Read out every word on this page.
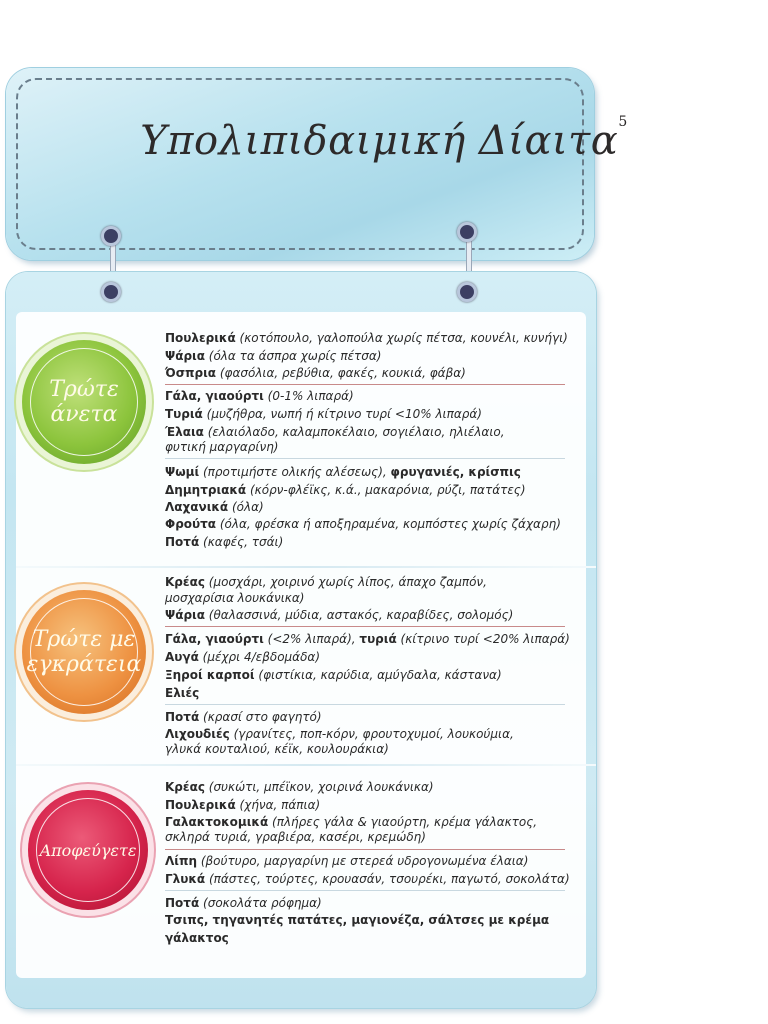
Υπολιπιδαιμική Δίαιτα$^5$
Τρώτε
άνετα
Τρώτε με
εγκράτεια
Αποφεύγετε
Πουλερικά (κοτόπουλο, γαλοπούλα χωρίς πέτσα, κουνέλι, κυνήγι)
Ψάρια (όλα τα άσπρα χωρίς πέτσα)
Όσπρια (φασόλια, ρεβύθια, φακές, κουκιά, φάβα)
Γάλα, γιαούρτι (0-1% λιπαρά)
Τυριά (μυζήθρα, νωπή ή κίτρινο τυρί <10% λιπαρά)
Έλαια (ελαιόλαδο, καλαμποκέλαιο, σογιέλαιο, ηλιέλαιο,
φυτική μαργαρίνη)
Ψωμί (προτιμήστε ολικής αλέσεως), φρυγανιές, κρίσπις
Δημητριακά (κόρν-φλέϊκς, κ.ά., μακαρόνια, ρύζι, πατάτες)
Λαχανικά (όλα)
Φρούτα (όλα, φρέσκα ή αποξηραμένα, κομπόστες χωρίς ζάχαρη)
Ποτά (καφές, τσάι)
Κρέας (μοσχάρι, χοιρινό χωρίς λίπος, άπαχο ζαμπόν,
μοσχαρίσια λουκάνικα)
Ψάρια (θαλασσινά, μύδια, αστακός, καραβίδες, σολομός)
Γάλα, γιαούρτι (<2% λιπαρά), τυριά (κίτρινο τυρί <20% λιπαρά)
Αυγά (μέχρι 4/εβδομάδα)
Ξηροί καρποί (φιστίκια, καρύδια, αμύγδαλα, κάστανα)
Ελιές
Ποτά (κρασί στο φαγητό)
Λιχουδιές (γρανίτες, ποπ-κόρν, φρουτοχυμοί, λουκούμια,
γλυκά κουταλιού, κέϊκ, κουλουράκια)
Κρέας (συκώτι, μπέϊκον, χοιρινά λουκάνικα)
Πουλερικά (χήνα, πάπια)
Γαλακτοκομικά (πλήρες γάλα & γιαούρτη, κρέμα γάλακτος,
σκληρά τυριά, γραβιέρα, κασέρι, κρεμώδη)
Λίπη (βούτυρο, μαργαρίνη με στερεά υδρογονωμένα έλαια)
Γλυκά (πάστες, τούρτες, κρουασάν, τσουρέκι, παγωτό, σοκολάτα)
Ποτά (σοκολάτα ρόφημα)
Τσιπς, τηγανητές πατάτες, μαγιονέζα, σάλτσες με κρέμα
γάλακτος
